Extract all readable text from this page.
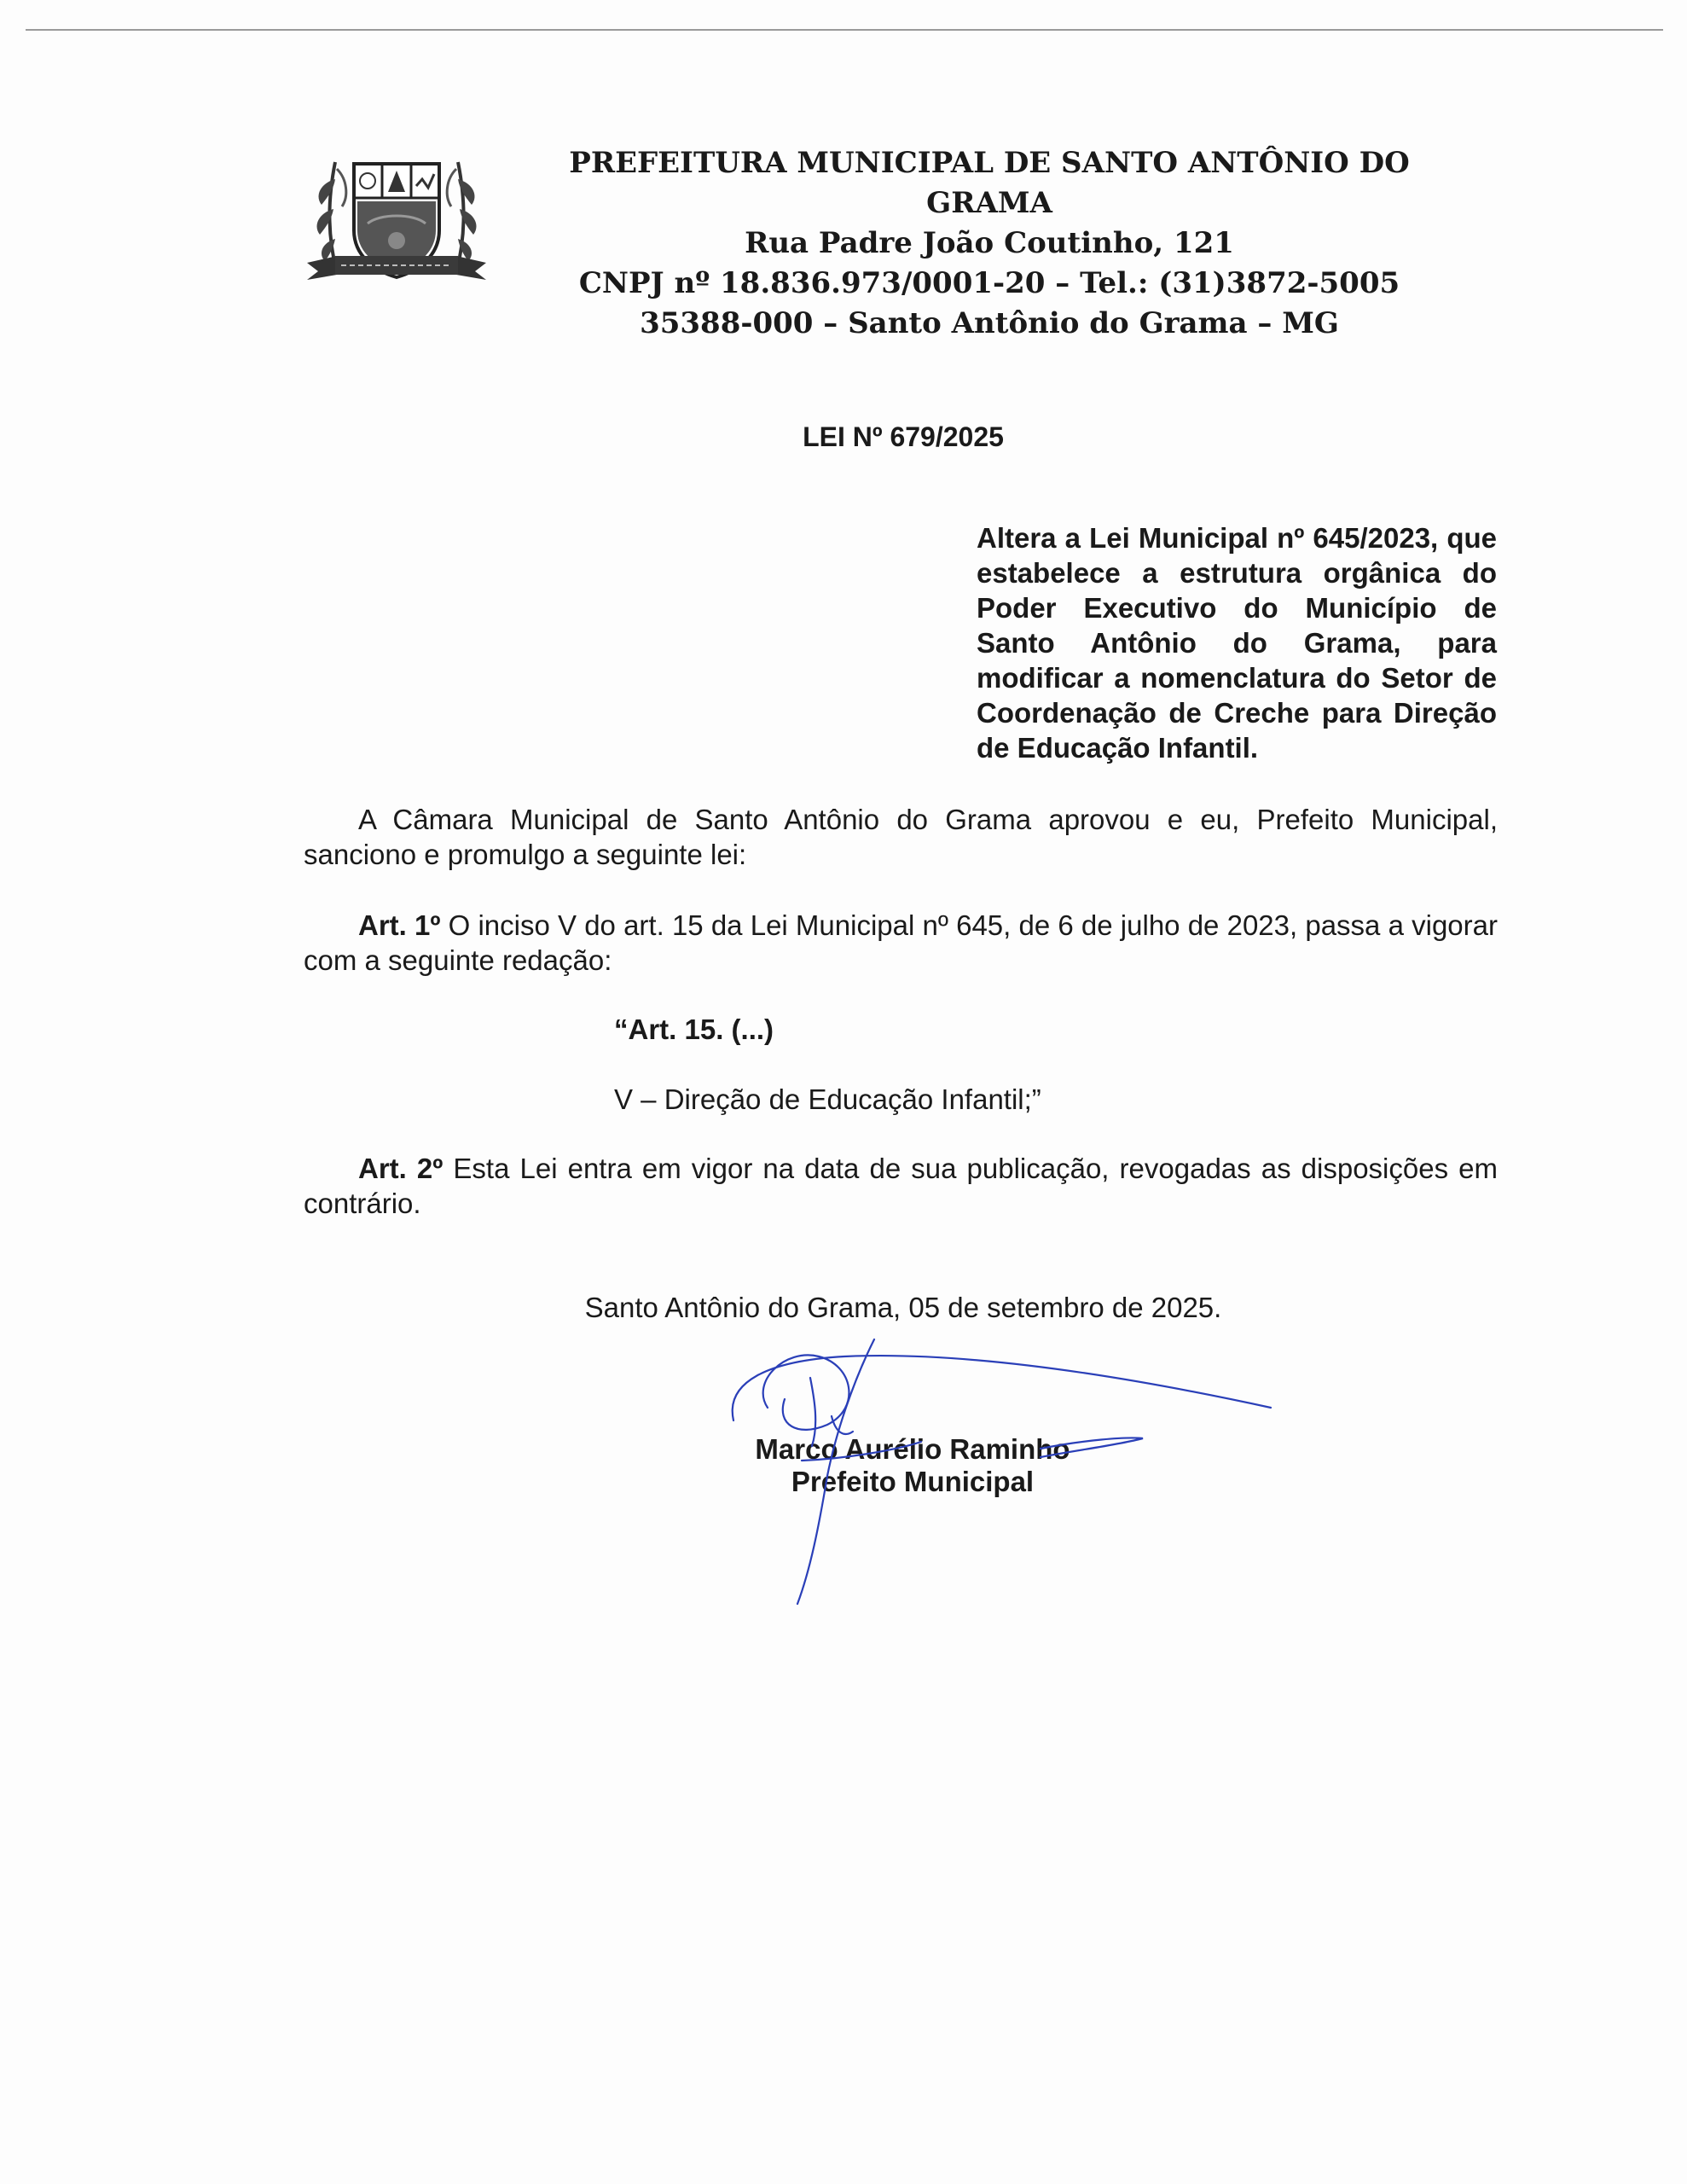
PREFEITURA MUNICIPAL DE SANTO ANTÔNIO DO
GRAMA
Rua Padre João Coutinho, 121
CNPJ nº 18.836.973/0001-20 – Tel.: (31)3872-5005
35388-000 – Santo Antônio do Grama – MG
LEI Nº 679/2025
Altera a Lei Municipal nº 645/2023, que estabelece a estrutura orgânica do Poder Executivo do Município de Santo Antônio do Grama, para modificar a nomenclatura do Setor de Coordenação de Creche para Direção de Educação Infantil.
A Câmara Municipal de Santo Antônio do Grama aprovou e eu, Prefeito Municipal, sanciono e promulgo a seguinte lei:
Art. 1º O inciso V do art. 15 da Lei Municipal nº 645, de 6 de julho de 2023, passa a vigorar com a seguinte redação:
“Art. 15. (...)
V – Direção de Educação Infantil;”
Art. 2º Esta Lei entra em vigor na data de sua publicação, revogadas as disposições em contrário.
Santo Antônio do Grama, 05 de setembro de 2025.
Marco Aurélio Raminho
Prefeito Municipal
